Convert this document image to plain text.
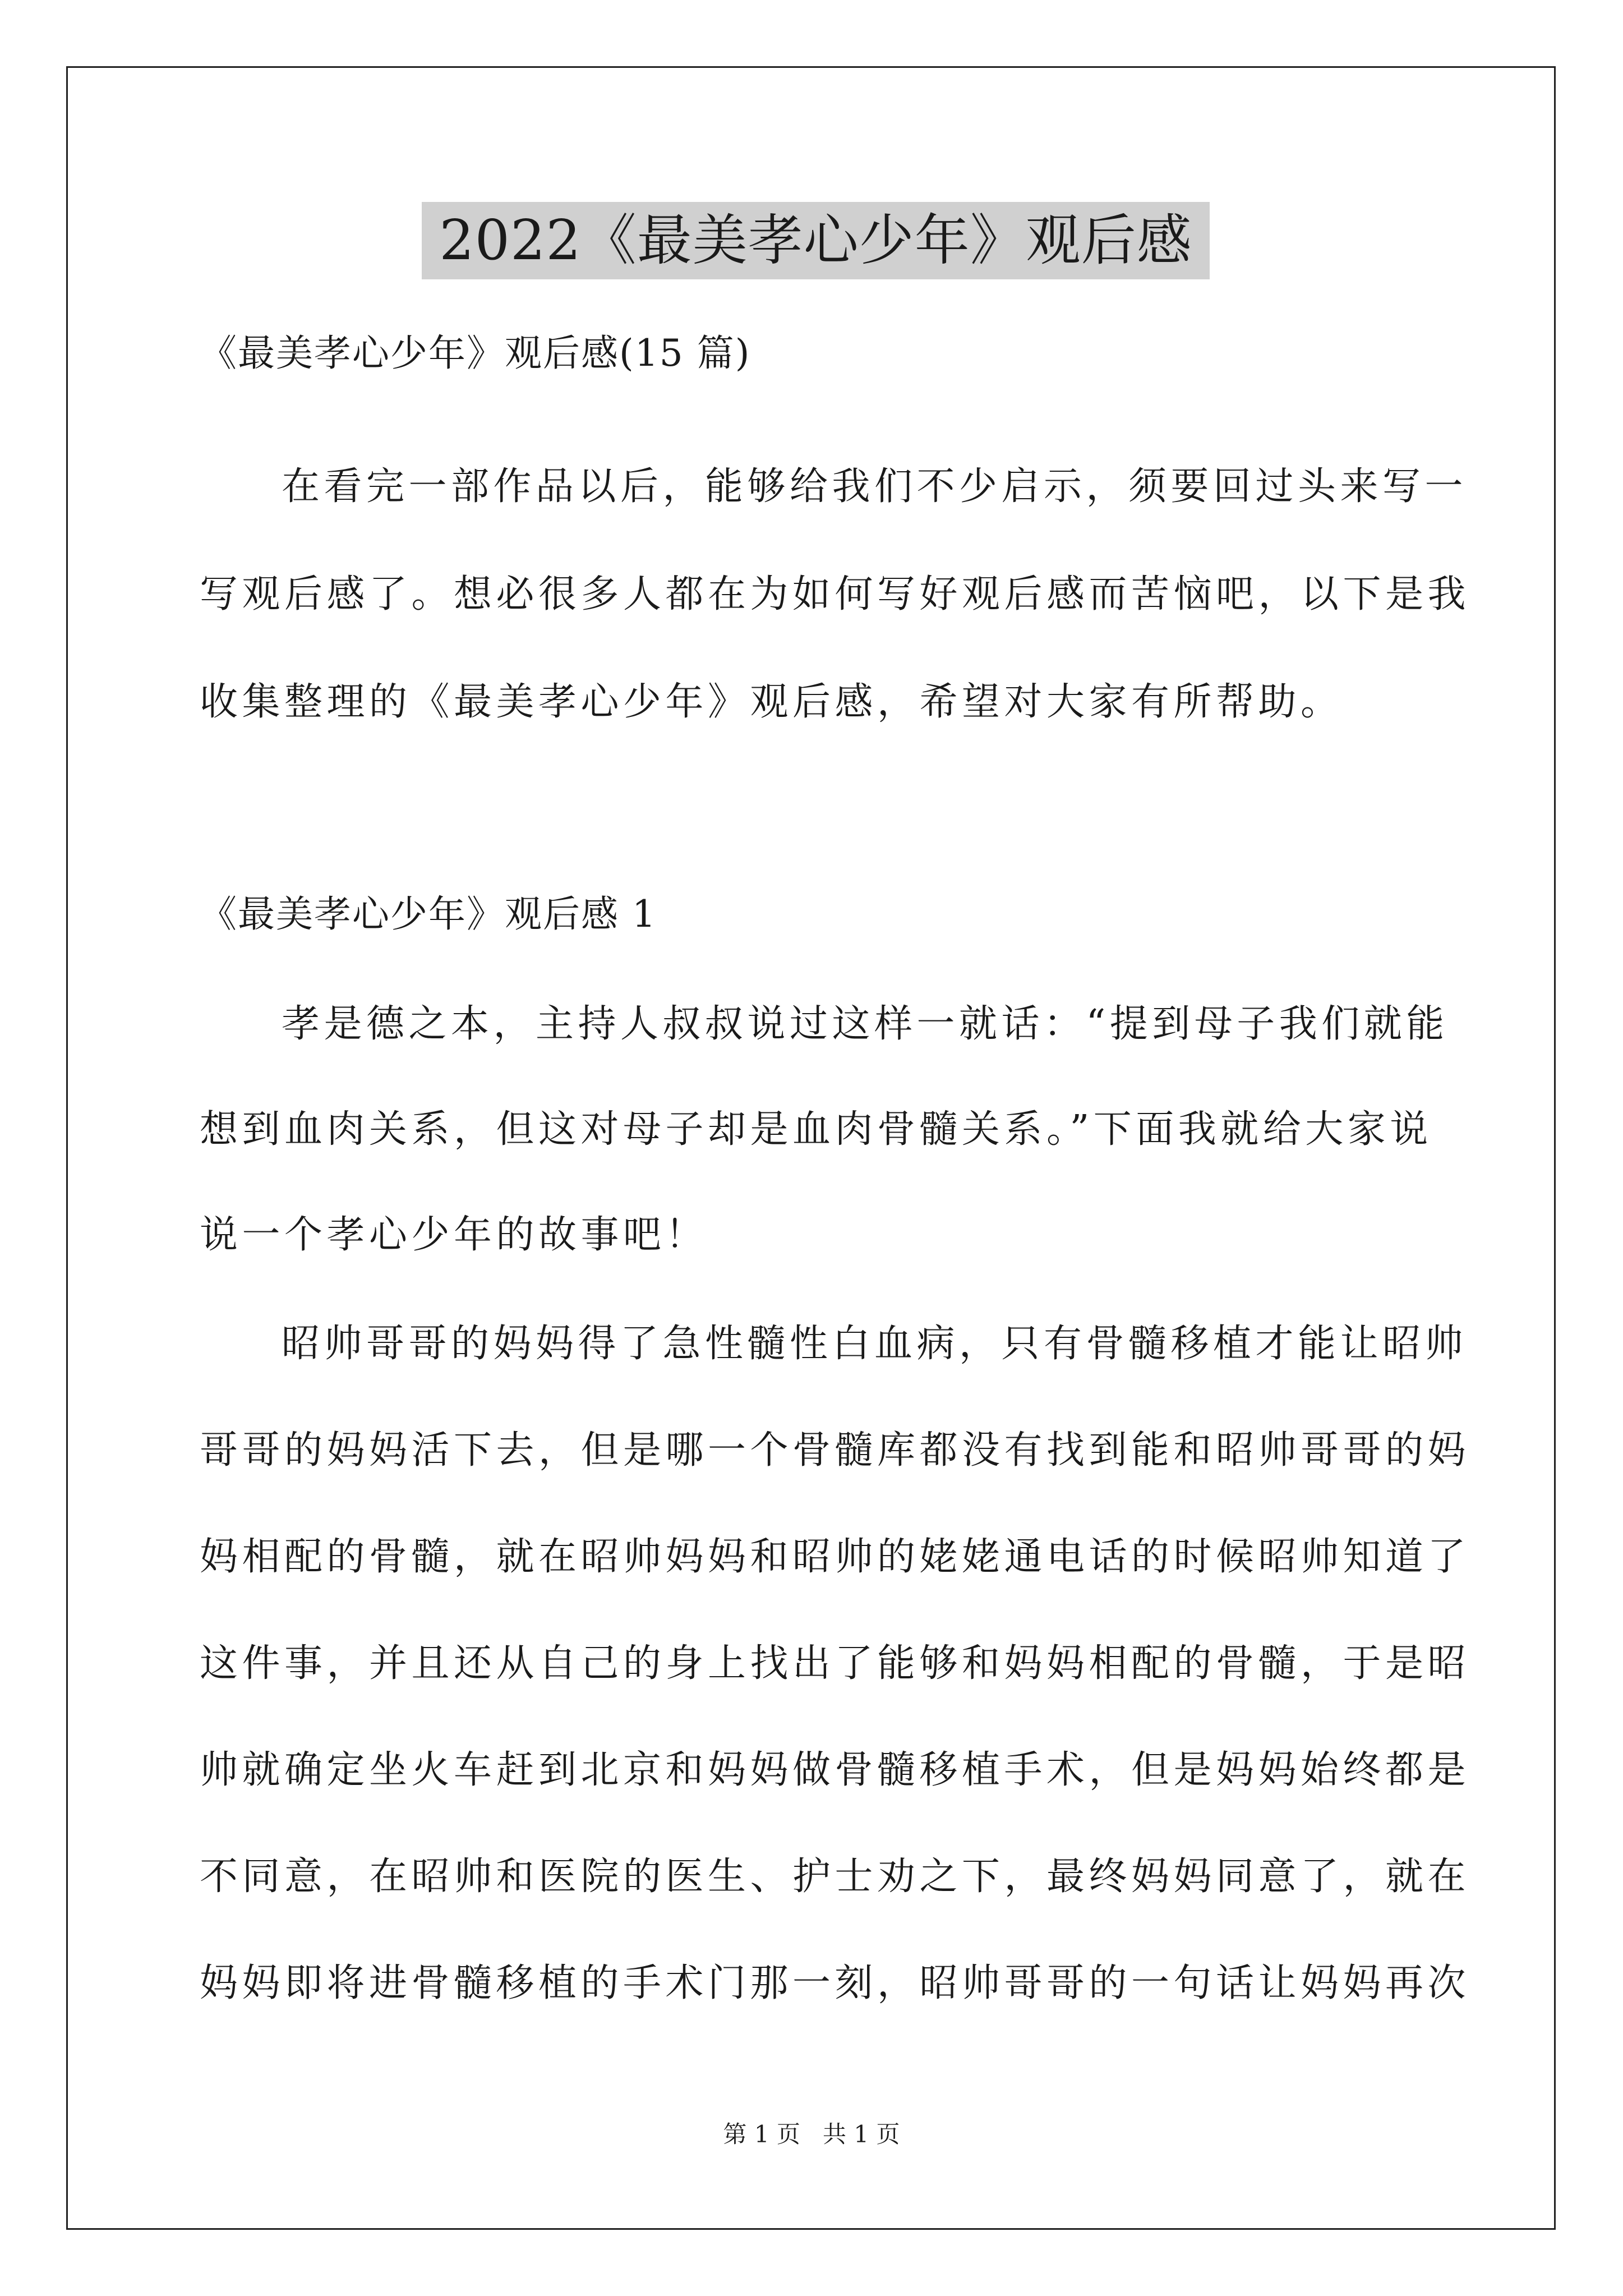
2022《最美孝心少年》观后感
《最美孝心少年》观后感(15 篇)
在看完一部作品以后，能够给我们不少启示，须要回过头来写一
写观后感了。想必很多人都在为如何写好观后感而苦恼吧，以下是我
收集整理的《最美孝心少年》观后感，希望对大家有所帮助。
《最美孝心少年》观后感 1
孝是德之本，主持人叔叔说过这样一就话：“提到母子我们就能
想到血肉关系，但这对母子却是血肉骨髓关系。”下面我就给大家说
说一个孝心少年的故事吧！
昭帅哥哥的妈妈得了急性髓性白血病，只有骨髓移植才能让昭帅
哥哥的妈妈活下去，但是哪一个骨髓库都没有找到能和昭帅哥哥的妈
妈相配的骨髓，就在昭帅妈妈和昭帅的姥姥通电话的时候昭帅知道了
这件事，并且还从自己的身上找出了能够和妈妈相配的骨髓，于是昭
帅就确定坐火车赶到北京和妈妈做骨髓移植手术，但是妈妈始终都是
不同意，在昭帅和医院的医生、护士劝之下，最终妈妈同意了，就在
妈妈即将进骨髓移植的手术门那一刻，昭帅哥哥的一句话让妈妈再次
第 1 页   共 1 页
